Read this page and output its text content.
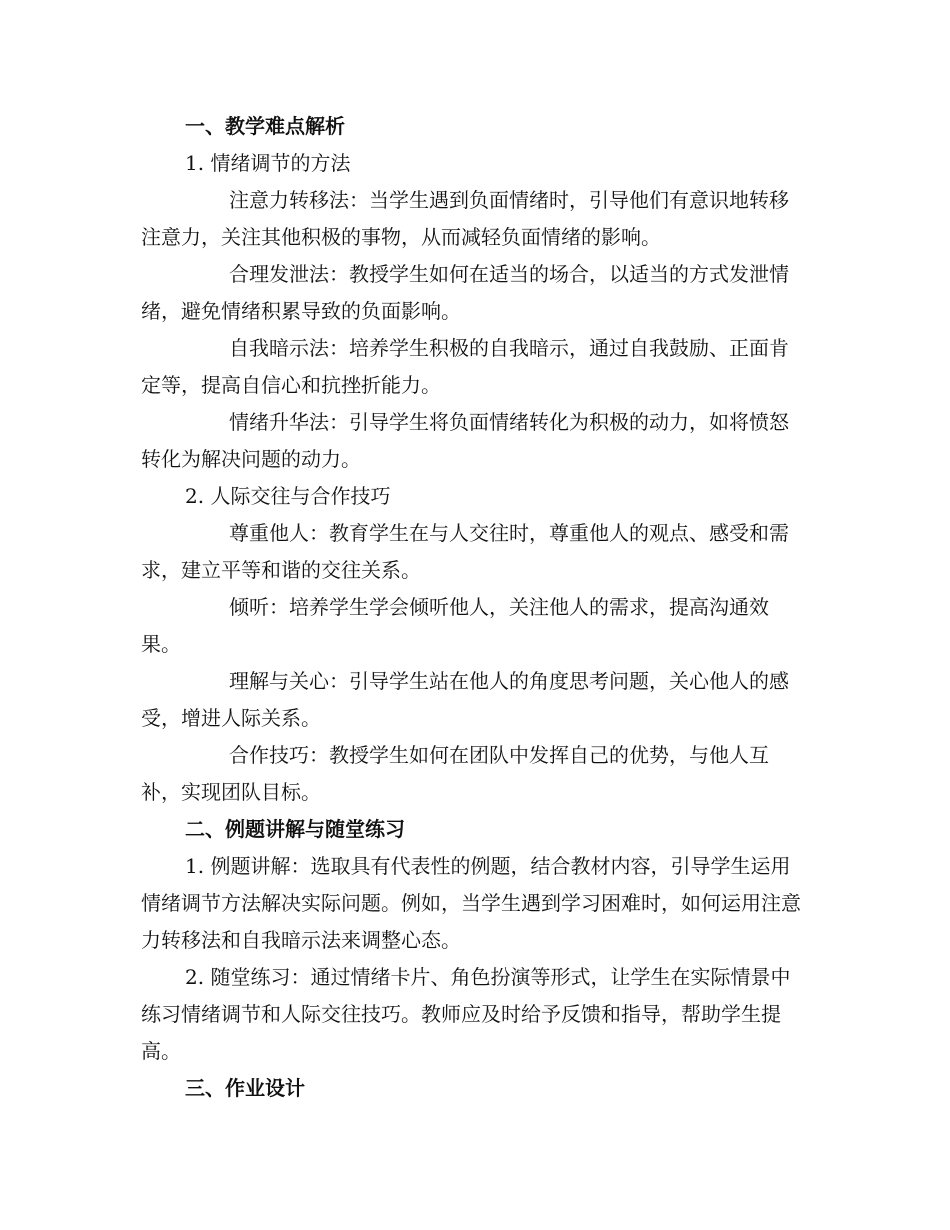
一、教学难点解析

1. 情绪调节的方法

注意力转移法：当学生遇到负面情绪时，引导他们有意识地转移注意力，关注其他积极的事物，从而减轻负面情绪的影响。

合理发泄法：教授学生如何在适当的场合，以适当的方式发泄情绪，避免情绪积累导致的负面影响。

自我暗示法：培养学生积极的自我暗示，通过自我鼓励、正面肯定等，提高自信心和抗挫折能力。

情绪升华法：引导学生将负面情绪转化为积极的动力，如将愤怒转化为解决问题的动力。

2. 人际交往与合作技巧

尊重他人：教育学生在与人交往时，尊重他人的观点、感受和需求，建立平等和谐的交往关系。

倾听：培养学生学会倾听他人，关注他人的需求，提高沟通效果。

理解与关心：引导学生站在他人的角度思考问题，关心他人的感受，增进人际关系。

合作技巧：教授学生如何在团队中发挥自己的优势，与他人互补，实现团队目标。

二、例题讲解与随堂练习

1. 例题讲解：选取具有代表性的例题，结合教材内容，引导学生运用情绪调节方法解决实际问题。例如，当学生遇到学习困难时，如何运用注意力转移法和自我暗示法来调整心态。

2. 随堂练习：通过情绪卡片、角色扮演等形式，让学生在实际情景中练习情绪调节和人际交往技巧。教师应及时给予反馈和指导，帮助学生提高。

三、作业设计
